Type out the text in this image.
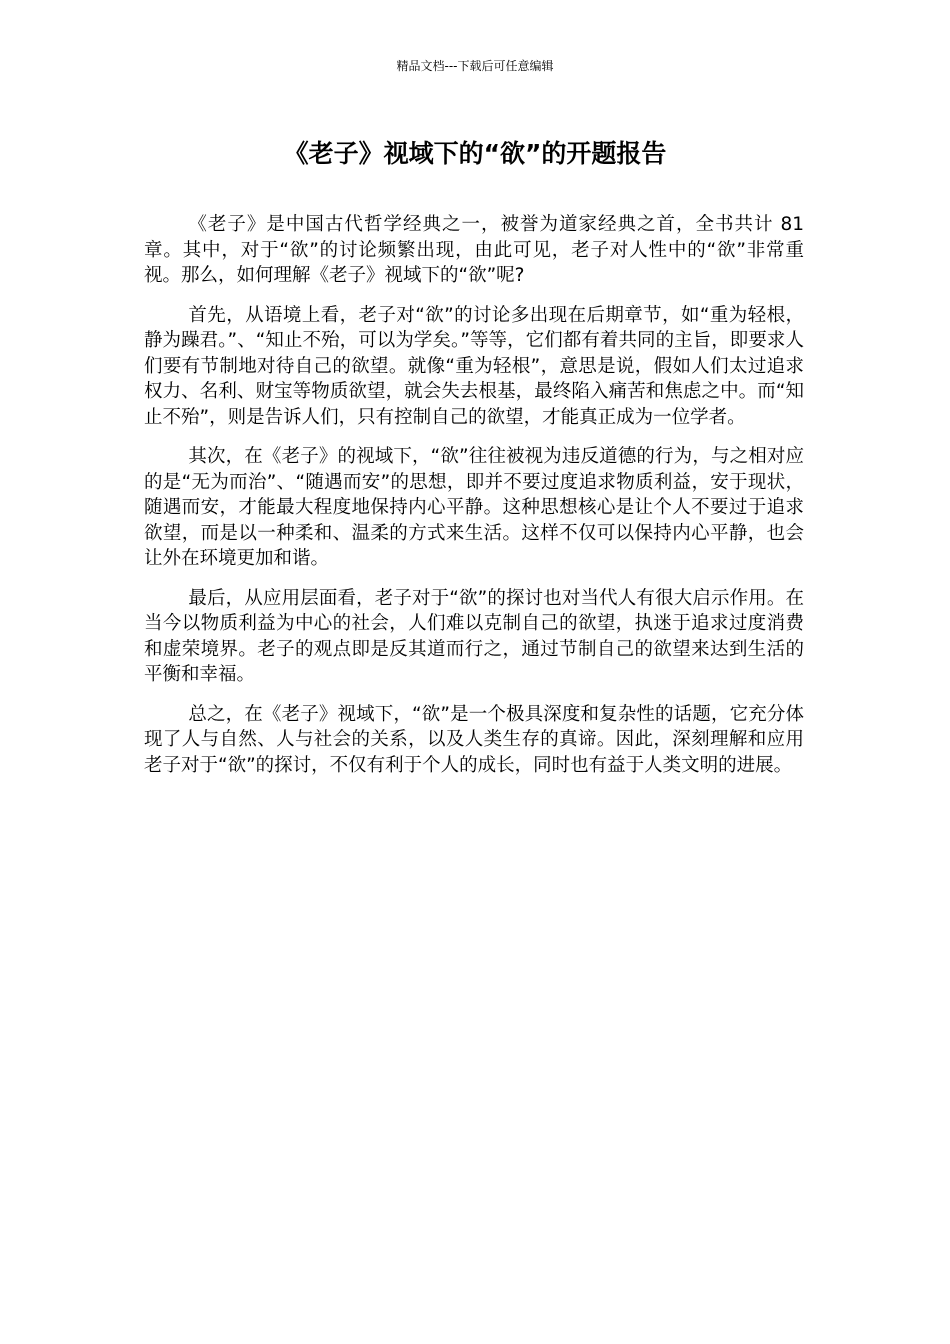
精品文档---下载后可任意编辑
《老子》视域下的“欲”的开题报告

《老子》是中国古代哲学经典之一，被誉为道家经典之首，全书共计 81 章。其中，对于“欲”的讨论频繁出现，由此可见，老子对人性中的“欲”非常重视。那么，如何理解《老子》视域下的“欲”呢?

首先，从语境上看，老子对“欲”的讨论多出现在后期章节，如“重为轻根，静为躁君。”、“知止不殆，可以为学矣。”等等，它们都有着共同的主旨，即要求人们要有节制地对待自己的欲望。就像“重为轻根”，意思是说，假如人们太过追求权力、名利、财宝等物质欲望，就会失去根基，最终陷入痛苦和焦虑之中。而“知止不殆”，则是告诉人们，只有控制自己的欲望，才能真正成为一位学者。

其次，在《老子》的视域下，“欲”往往被视为违反道德的行为，与之相对应的是“无为而治”、“随遇而安”的思想，即并不要过度追求物质利益，安于现状，随遇而安，才能最大程度地保持内心平静。这种思想核心是让个人不要过于追求欲望，而是以一种柔和、温柔的方式来生活。这样不仅可以保持内心平静，也会让外在环境更加和谐。

最后，从应用层面看，老子对于“欲”的探讨也对当代人有很大启示作用。在当今以物质利益为中心的社会，人们难以克制自己的欲望，执迷于追求过度消费和虚荣境界。老子的观点即是反其道而行之，通过节制自己的欲望来达到生活的平衡和幸福。

总之，在《老子》视域下，“欲”是一个极具深度和复杂性的话题，它充分体现了人与自然、人与社会的关系，以及人类生存的真谛。因此，深刻理解和应用老子对于“欲”的探讨，不仅有利于个人的成长，同时也有益于人类文明的进展。
